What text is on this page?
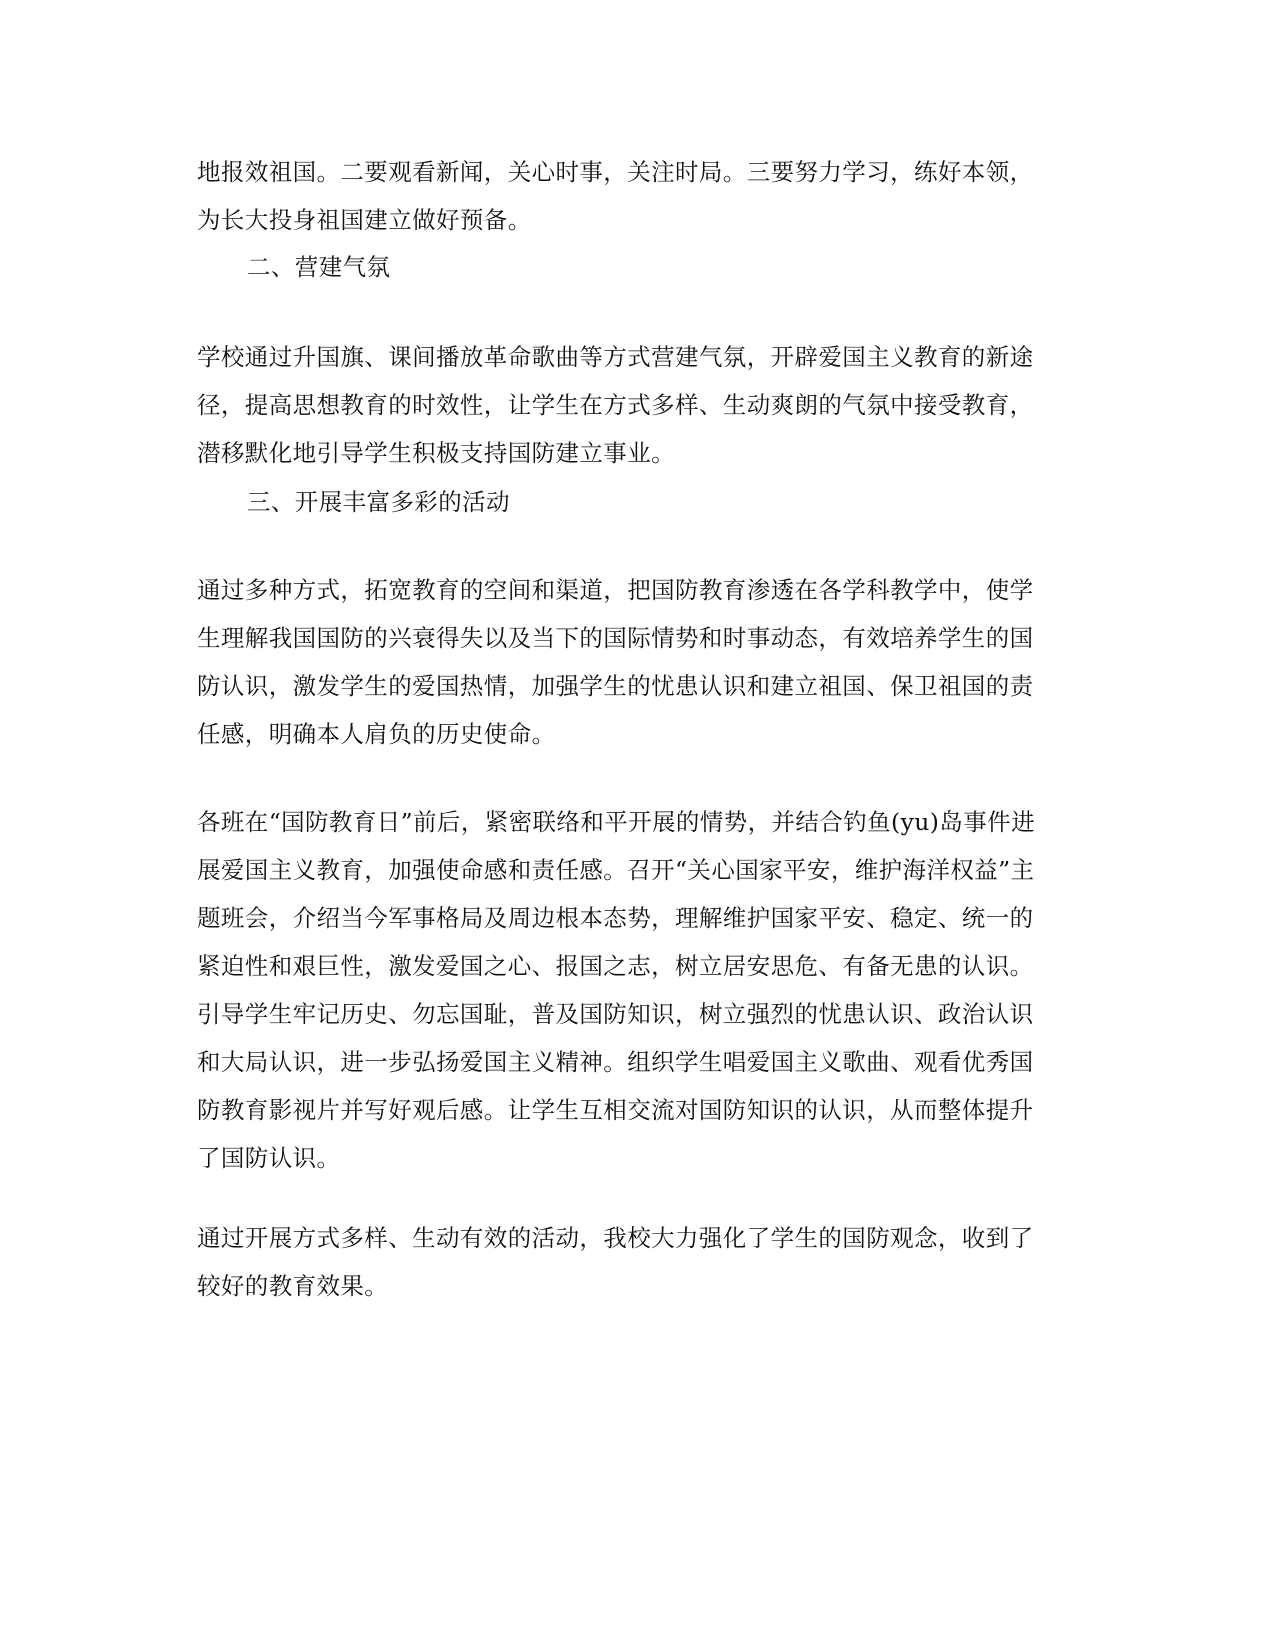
地报效祖国。二要观看新闻，关心时事，关注时局。三要努力学习，练好本领，
为长大投身祖国建立做好预备。
二、营建气氛
学校通过升国旗、课间播放革命歌曲等方式营建气氛，开辟爱国主义教育的新途
径，提高思想教育的时效性，让学生在方式多样、生动爽朗的气氛中接受教育，
潜移默化地引导学生积极支持国防建立事业。
三、开展丰富多彩的活动
通过多种方式，拓宽教育的空间和渠道，把国防教育渗透在各学科教学中，使学
生理解我国国防的兴衰得失以及当下的国际情势和时事动态，有效培养学生的国
防认识，激发学生的爱国热情，加强学生的忧患认识和建立祖国、保卫祖国的责
任感，明确本人肩负的历史使命。
各班在“国防教育日”前后，紧密联络和平开展的情势，并结合钓鱼(yu)岛事件进
展爱国主义教育，加强使命感和责任感。召开“关心国家平安，维护海洋权益”主
题班会，介绍当今军事格局及周边根本态势，理解维护国家平安、稳定、统一的
紧迫性和艰巨性，激发爱国之心、报国之志，树立居安思危、有备无患的认识。
引导学生牢记历史、勿忘国耻，普及国防知识，树立强烈的忧患认识、政治认识
和大局认识，进一步弘扬爱国主义精神。组织学生唱爱国主义歌曲、观看优秀国
防教育影视片并写好观后感。让学生互相交流对国防知识的认识，从而整体提升
了国防认识。
通过开展方式多样、生动有效的活动，我校大力强化了学生的国防观念，收到了
较好的教育效果。
